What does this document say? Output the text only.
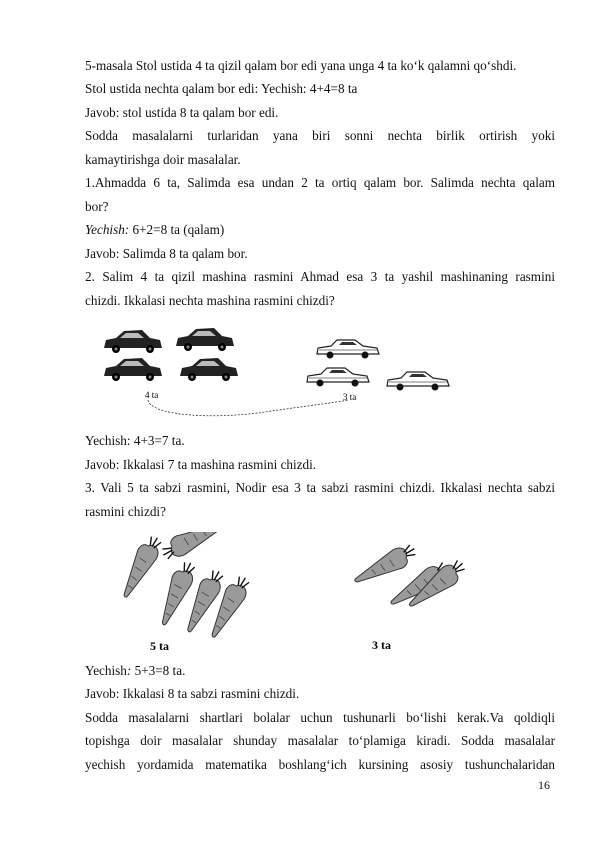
5-masala Stol ustida 4 ta qizil qalam bor edi yana unga 4 ta ko‘k qalamni qo‘shdi.
Stol ustida nechta qalam bor edi: Yechish: 4+4=8 ta
Javob: stol ustida 8 ta qalam bor edi.
Sodda masalalarni turlaridan yana biri sonni nechta birlik ortirish yoki
kamaytirishga doir masalalar.
1.Ahmadda 6 ta, Salimda esa undan 2 ta ortiq qalam bor. Salimda nechta qalam
bor?
Yechish: 6+2=8 ta (qalam)
Javob: Salimda 8 ta qalam bor.
2. Salim 4 ta qizil mashina rasmini Ahmad esa 3 ta yashil mashinaning rasmini
chizdi. Ikkalasi nechta mashina rasmini chizdi?
4 ta	3 ta
Yechish: 4+3=7 ta.
Javob: Ikkalasi 7 ta mashina rasmini chizdi.
3. Vali 5 ta sabzi rasmini, Nodir esa 3 ta sabzi rasmini chizdi. Ikkalasi nechta sabzi
rasmini chizdi?
5 ta	3 ta
Yechish: 5+3=8 ta.
Javob: Ikkalasi 8 ta sabzi rasmini chizdi.
Sodda masalalarni shartlari bolalar uchun tushunarli bo‘lishi kerak.Va qoldiqli
topishga doir masalalar shunday masalalar to‘plamiga kiradi. Sodda masalalar
yechish yordamida matematika boshlang‘ich kursining asosiy tushunchalaridan
16
